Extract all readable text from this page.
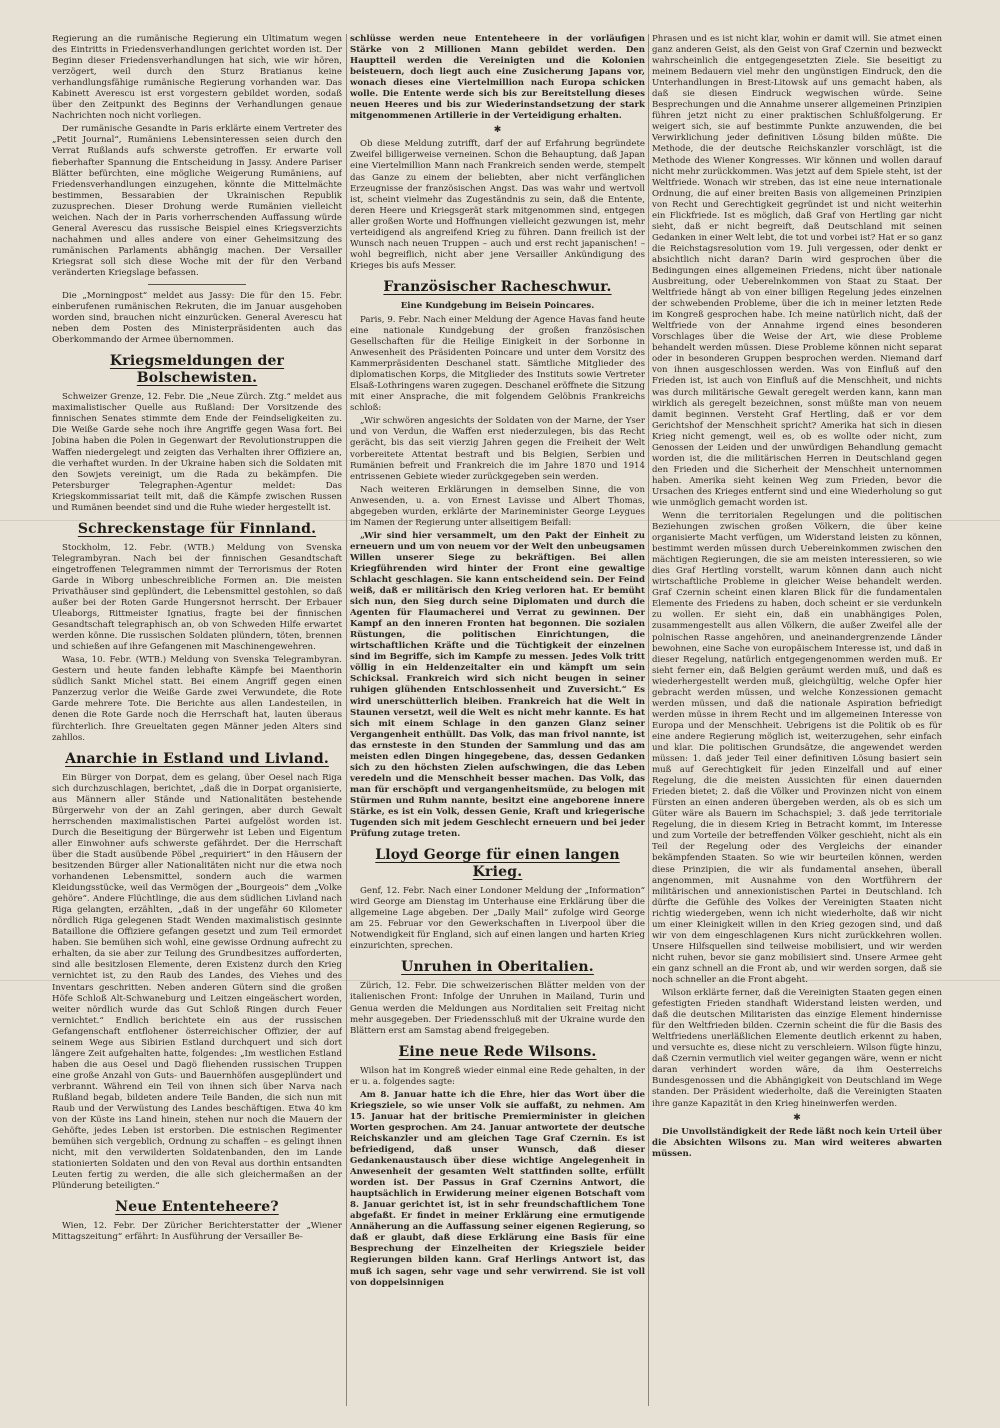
Regierung an die rumänische Regierung ein Ultimatum wegen des Eintritts in Friedensverhandlungen gerichtet worden ist. Der Beginn dieser Friedensverhandlungen hat sich, wie wir hören, verzögert, weil durch den Sturz Bratianus keine verhandlungsfähige rumänische Regierung vorhanden war. Das Kabinett Averescu ist erst vorgestern gebildet worden, sodaß über den Zeitpunkt des Beginns der Verhandlungen genaue Nachrichten noch nicht vorliegen.

Der rumänische Gesandte in Paris erklärte einem Vertreter des „Petit Journal“, Rumäniens Lebensinteressen seien durch den Verrat Rußlands aufs schwerste getroffen. Er erwarte voll fieberhafter Spannung die Entscheidung in Jassy. Andere Pariser Blätter befürchten, eine mögliche Weigerung Rumäniens, auf Friedensverhandlungen einzugehen, könnte die Mittelmächte bestimmen, Bessarabien der Ukrainischen Republik zuzusprechen. Dieser Drohung werde Rumänien vielleicht weichen. Nach der in Paris vorherrschenden Auffassung würde General Averescu das russische Beispiel eines Kriegsverzichts nachahmen und alles andere von einer Geheimsitzung des rumänischen Parlaments abhängig machen. Der Versailler Kriegsrat soll sich diese Woche mit der für den Verband veränderten Kriegslage befassen.

Die „Morningpost“ meldet aus Jassy: Die für den 15. Febr. einberufenen rumänischen Rekruten, die im Januar ausgehoben worden sind, brauchen nicht einzurücken. General Averescu hat neben dem Posten des Ministerpräsidenten auch das Oberkommando der Armee übernommen.

Kriegsmeldungen der Bolschewisten.

Schweizer Grenze, 12. Febr. Die „Neue Zürch. Ztg.“ meldet aus maximalistischer Quelle aus Rußland: Der Vorsitzende des finnischen Senates stimmte dem Ende der Feindseligkeiten zu. Die Weiße Garde sehe noch ihre Angriffe gegen Wasa fort. Bei Jobina haben die Polen in Gegenwart der Revolutionstruppen die Waffen niedergelegt und zeigten das Verhalten ihrer Offiziere an, die verhaftet wurden. In der Ukraine haben sich die Soldaten mit den Sowjets vereinigt, um die Rada zu bekämpfen. Die Petersburger Telegraphen-Agentur meldet: Das Kriegskommissariat teilt mit, daß die Kämpfe zwischen Russen und Rumänen beendet sind und die Ruhe wieder hergestellt ist.

Schreckenstage für Finnland.

Stockholm, 12. Febr. (WTB.) Meldung von Svenska Telegrambyran. Nach bei der finnischen Gesandtschaft eingetroffenen Telegrammen nimmt der Terrorismus der Roten Garde in Wiborg unbeschreibliche Formen an. Die meisten Privathäuser sind geplündert, die Lebensmittel gestohlen, so daß außer bei der Roten Garde Hungersnot herrscht. Der Erbauer Uleaborgs, Rittmeister Ignatius, fragte bei der finnischen Gesandtschaft telegraphisch an, ob von Schweden Hilfe erwartet werden könne. Die russischen Soldaten plündern, töten, brennen und schießen auf ihre Gefangenen mit Maschinengewehren.

Wasa, 10. Febr. (WTB.) Meldung von Svenska Telegrambyran. Gestern und heute fanden lebhafte Kämpfe bei Maenthorin südlich Sankt Michel statt. Bei einem Angriff gegen einen Panzerzug verlor die Weiße Garde zwei Verwundete, die Rote Garde mehrere Tote. Die Berichte aus allen Landesteilen, in denen die Rote Garde noch die Herrschaft hat, lauten überaus fürchterlich. Ihre Greueltaten gegen Männer jeden Alters sind zahllos.

Anarchie in Estland und Livland.

Ein Bürger von Dorpat, dem es gelang, über Oesel nach Riga sich durchzuschlagen, berichtet, „daß die in Dorpat organisierte, aus Männern aller Stände und Nationalitäten bestehende Bürgerwehr von der an Zahl geringen, aber durch Gewalt herrschenden maximalistischen Partei aufgelöst worden ist. Durch die Beseitigung der Bürgerwehr ist Leben und Eigentum aller Einwohner aufs schwerste gefährdet. Der die Herrschaft über die Stadt ausübende Pöbel „requiriert“ in den Häusern der besitzenden Bürger aller Nationalitäten nicht nur die etwa noch vorhandenen Lebensmittel, sondern auch die warmen Kleidungsstücke, weil das Vermögen der „Bourgeois“ dem „Volke gehöre“. Andere Flüchtlinge, die aus dem südlichen Livland nach Riga gelangten, erzählten, „daß in der ungefähr 60 Kilometer nördlich Riga gelegenen Stadt Wenden maximalistisch gesinnte Bataillone die Offiziere gefangen gesetzt und zum Teil ermordet haben. Sie bemühen sich wohl, eine gewisse Ordnung aufrecht zu erhalten, da sie aber zur Teilung des Grundbesitzes aufforderten, sind alle besitzlosen Elemente, deren Existenz durch den Krieg vernichtet ist, zu den Raub des Landes, des Viehes und des Inventars geschritten. Neben anderen Gütern sind die großen Höfe Schloß Alt-Schwaneburg und Leitzen eingeäschert worden, weiter nördlich wurde das Gut Schloß Ringen durch Feuer vernichtet.“ Endlich berichtete ein aus der russischen Gefangenschaft entflohener österreichischer Offizier, der auf seinem Wege aus Sibirien Estland durchquert und sich dort längere Zeit aufgehalten hatte, folgendes: „Im westlichen Estland haben die aus Oesel und Dagö fliehenden russischen Truppen eine große Anzahl von Guts- und Bauernhöfen ausgeplündert und verbrannt. Während ein Teil von ihnen sich über Narva nach Rußland begab, bildeten andere Teile Banden, die sich nun mit Raub und der Verwüstung des Landes beschäftigen. Etwa 40 km von der Küste ins Land hinein, stehen nur noch die Mauern der Gehöfte, jedes Leben ist erstorben. Die estnischen Regimenter bemühen sich vergeblich, Ordnung zu schaffen – es gelingt ihnen nicht, mit den verwilderten Soldatenbanden, den im Lande stationierten Soldaten und den von Reval aus dorthin entsandten Leuten fertig zu werden, die alle sich gleichermaßen an der Plünderung beteiligten.“

Neue Ententeheere?

Wien, 12. Febr. Der Züricher Berichterstatter der „Wiener Mittagszeitung“ erfährt: In Ausführung der Versailler Be-

schlüsse werden neue Ententeheere in der vorläufigen Stärke von 2 Millionen Mann gebildet werden. Den Hauptteil werden die Vereinigten und die Kolonien beisteuern, doch liegt auch eine Zusicherung Japans vor, wonach dieses eine Viertelmillion nach Europa schicken wolle. Die Entente werde sich bis zur Bereitstellung dieses neuen Heeres und bis zur Wiederinstandsetzung der stark mitgenommenen Artillerie in der Verteidigung erhalten.

✱

Ob diese Meldung zutrifft, darf der auf Erfahrung begründete Zweifel billigerweise verneinen. Schon die Behauptung, daß Japan eine Viertelmillion Mann nach Frankreich senden werde, stempelt das Ganze zu einem der beliebten, aber nicht verfänglichen Erzeugnisse der französischen Angst. Das was wahr und wertvoll ist, scheint vielmehr das Zugeständnis zu sein, daß die Entente, deren Heere und Kriegsgerät stark mitgenommen sind, entgegen aller großen Worte und Hoffnungen vielleicht gezwungen ist, mehr verteidigend als angreifend Krieg zu führen. Dann freilich ist der Wunsch nach neuen Truppen – auch und erst recht japanischen! – wohl begreiflich, nicht aber jene Versailler Ankündigung des Krieges bis aufs Messer.

Französischer Racheschwur.
Eine Kundgebung im Beisein Poincares.

Paris, 9. Febr. Nach einer Meldung der Agence Havas fand heute eine nationale Kundgebung der großen französischen Gesellschaften für die Heilige Einigkeit in der Sorbonne in Anwesenheit des Präsidenten Poincare und unter dem Vorsitz des Kammerpräsidenten Deschanel statt. Sämtliche Mitglieder des diplomatischen Korps, die Mitglieder des Instituts sowie Vertreter Elsaß-Lothringens waren zugegen. Deschanel eröffnete die Sitzung mit einer Ansprache, die mit folgendem Gelöbnis Frankreichs schloß:

„Wir schwören angesichts der Soldaten von der Marne, der Yser und von Verdun, die Waffen erst niederzulegen, bis das Recht gerächt, bis das seit vierzig Jahren gegen die Freiheit der Welt vorbereitete Attentat bestraft und bis Belgien, Serbien und Rumänien befreit und Frankreich die im Jahre 1870 und 1914 entrissenen Gebiete wieder zurückgegeben sein werden.

Nach weiteren Erklärungen in demselben Sinne, die von Anwesenden, u. a. von Ernest Lavisse und Albert Thomas, abgegeben wurden, erklärte der Marineminister George Leygues im Namen der Regierung unter allseitigem Beifall:

„Wir sind hier versammelt, um den Pakt der Einheit zu erneuern und um von neuem vor der Welt den unbeugsamen Willen unserer Siege zu bekräftigen. Bei allen Kriegführenden wird hinter der Front eine gewaltige Schlacht geschlagen. Sie kann entscheidend sein. Der Feind weiß, daß er militärisch den Krieg verloren hat. Er bemüht sich nun, den Sieg durch seine Diplomaten und durch die Agenten für Flaumacherei und Verrat zu gewinnen. Der Kampf an den inneren Fronten hat begonnen. Die sozialen Rüstungen, die politischen Einrichtungen, die wirtschaftlichen Kräfte und die Tüchtigkeit der einzelnen sind im Begriffe, sich im Kampfe zu messen. Jedes Volk tritt völlig in ein Heldenzeitalter ein und kämpft um sein Schicksal. Frankreich wird sich nicht beugen in seiner ruhigen glühenden Entschlossenheit und Zuversicht.“ Es wird unerschütterlich bleiben. Frankreich hat die Welt in Staunen versetzt, weil die Welt es nicht mehr kannte. Es hat sich mit einem Schlage in den ganzen Glanz seiner Vergangenheit enthüllt. Das Volk, das man frivol nannte, ist das ernsteste in den Stunden der Sammlung und das am meisten edlen Dingen hingegebene, das, dessen Gedanken sich zu den höchsten Zielen aufschwingen, die das Leben veredeln und die Menschheit besser machen. Das Volk, das man für erschöpft und vergangenheitsmüde, zu belogen mit Stürmen und Ruhm nannte, besitzt eine angeborene innere Stärke, es ist ein Volk, dessen Genie, Kraft und kriegerische Tugenden sich mit jedem Geschlecht erneuern und bei jeder Prüfung zutage treten.

Lloyd George für einen langen Krieg.

Genf, 12. Febr. Nach einer Londoner Meldung der „Information“ wird George am Dienstag im Unterhause eine Erklärung über die allgemeine Lage abgeben. Der „Daily Mail“ zufolge wird George am 25. Februar vor den Gewerkschaften in Liverpool über die Notwendigkeit für England, sich auf einen langen und harten Krieg einzurichten, sprechen.

Unruhen in Oberitalien.

Zürich, 12. Febr. Die schweizerischen Blätter melden von der italienischen Front: Infolge der Unruhen in Mailand, Turin und Genua werden die Meldungen aus Norditalien seit Freitag nicht mehr ausgegeben. Der Friedensschluß mit der Ukraine wurde den Blättern erst am Samstag abend freigegeben.

Eine neue Rede Wilsons.

Wilson hat im Kongreß wieder einmal eine Rede gehalten, in der er u. a. folgendes sagte:

Am 8. Januar hatte ich die Ehre, hier das Wort über die Kriegsziele, so wie unser Volk sie auffaßt, zu nehmen. Am 15. Januar hat der britische Premierminister in gleichen Worten gesprochen. Am 24. Januar antwortete der deutsche Reichskanzler und am gleichen Tage Graf Czernin. Es ist befriedigend, daß unser Wunsch, daß dieser Gedankenaustausch über diese wichtige Angelegenheit in Anwesenheit der gesamten Welt stattfinden sollte, erfüllt worden ist. Der Passus in Graf Czernins Antwort, die hauptsächlich in Erwiderung meiner eigenen Botschaft vom 8. Januar gerichtet ist, ist in sehr freundschaftlichem Tone abgefaßt. Er findet in meiner Erklärung eine ermutigende Annäherung an die Auffassung seiner eigenen Regierung, so daß er glaubt, daß diese Erklärung eine Basis für eine Besprechung der Einzelheiten der Kriegsziele beider Regierungen bilden kann. Graf Herlings Antwort ist, das muß ich sagen, sehr vage und sehr verwirrend. Sie ist voll von doppelsinnigen

Phrasen und es ist nicht klar, wohin er damit will. Sie atmet einen ganz anderen Geist, als den Geist von Graf Czernin und bezweckt wahrscheinlich die entgegengesetzten Ziele. Sie beseitigt zu meinem Bedauern viel mehr den ungünstigen Eindruck, den die Unterhandlungen in Brest-Litowsk auf uns gemacht haben, als daß sie diesen Eindruck wegwischen würde. Seine Besprechungen und die Annahme unserer allgemeinen Prinzipien führen jetzt nicht zu einer praktischen Schlußfolgerung. Er weigert sich, sie auf bestimmte Punkte anzuwenden, die bei Verwirklichung jeder definitiven Lösung bilden müßte. Die Methode, die der deutsche Reichskanzler vorschlägt, ist die Methode des Wiener Kongresses. Wir können und wollen darauf nicht mehr zurückkommen. Was jetzt auf dem Spiele steht, ist der Weltfriede. Wonach wir streben, das ist eine neue internationale Ordnung, die auf einer breiten Basis von allgemeinen Prinzipien von Recht und Gerechtigkeit gegründet ist und nicht weiterhin ein Flickfriede. Ist es möglich, daß Graf von Hertling gar nicht sieht, daß er nicht begreift, daß Deutschland mit seinen Gedanken in einer Welt lebt, die tot und vorbei ist? Hat er so ganz die Reichstagsresolution vom 19. Juli vergessen, oder denkt er absichtlich nicht daran? Darin wird gesprochen über die Bedingungen eines allgemeinen Friedens, nicht über nationale Ausbreitung, oder Ueberelnkommen von Staat zu Staat. Der Weltfriede hängt ab von einer billigen Regelung jedes einzelnen der schwebenden Probleme, über die ich in meiner letzten Rede im Kongreß gesprochen habe. Ich meine natürlich nicht, daß der Weltfriede von der Annahme irgend eines besonderen Vorschlages über die Weise der Art, wie diese Probleme behandelt werden müssen. Diese Probleme können nicht separat oder in besonderen Gruppen besprochen werden. Niemand darf von ihnen ausgeschlossen werden. Was von Einfluß auf den Frieden ist, ist auch von Einfluß auf die Menschheit, und nichts was durch militärische Gewalt geregelt werden kann, kann man wirklich als geregelt bezeichnen, sonst müßte man von neuem damit beginnen. Versteht Graf Hertling, daß er vor dem Gerichtshof der Menschheit spricht? Amerika hat sich in diesen Krieg nicht gemengt, weil es, ob es wollte oder nicht, zum Genossen der Leiden und der unwürdigen Behandlung gemacht worden ist, die die militärischen Herren in Deutschland gegen den Frieden und die Sicherheit der Menschheit unternommen haben. Amerika sieht keinen Weg zum Frieden, bevor die Ursachen des Krieges entfernt sind und eine Wiederholung so gut wie unmöglich gemacht worden ist.

Wenn die territorialen Regelungen und die politischen Beziehungen zwischen großen Völkern, die über keine organisierte Macht verfügen, um Widerstand leisten zu können, bestimmt werden müssen durch Uebereinkommen zwischen den mächtigen Regierungen, die sie am meisten interessieren, so wie dies Graf Hertling vorstellt, warum können dann auch nicht wirtschaftliche Probleme in gleicher Weise behandelt werden. Graf Czernin scheint einen klaren Blick für die fundamentalen Elemente des Friedens zu haben, doch scheint er sie verdunkeln zu wollen. Er sieht ein, daß ein unabhängiges Polen, zusammengestellt aus allen Völkern, die außer Zweifel alle der polnischen Rasse angehören, und aneinandergrenzende Länder bewohnen, eine Sache von europäischem Interesse ist, und daß in dieser Regelung, natürlich entgegengenommen werden muß. Er sieht ferner ein, daß Belgien geräumt werden muß, und daß es wiederhergestellt werden muß, gleichgültig, welche Opfer hier gebracht werden müssen, und welche Konzessionen gemacht werden müssen, und daß die nationale Aspiration befriedigt werden müsse in ihrem Recht und im allgemeinen Interesse von Europa und der Menschheit. Uebrigens ist die Politik ob es für eine andere Regierung möglich ist, weiterzugehen, sehr einfach und klar. Die politischen Grundsätze, die angewendet werden müssen: 1. daß jeder Teil einer definitiven Lösung basiert sein muß auf Gerechtigkeit für jeden Einzelfall und auf einer Regelung, die die meisten Aussichten für einen dauernden Frieden bietet; 2. daß die Völker und Provinzen nicht von einem Fürsten an einen anderen übergeben werden, als ob es sich um Güter wäre als Bauern im Schachspiel; 3. daß jede territoriale Regelung, die in diesem Krieg in Betracht kommt, im Interesse und zum Vorteile der betreffenden Völker geschieht, nicht als ein Teil der Regelung oder des Vergleichs der einander bekämpfenden Staaten. So wie wir beurteilen können, werden diese Prinzipien, die wir als fundamental ansehen, überall angenommen, mit Ausnahme von den Wortführern der militärischen und annexionistischen Partei in Deutschland. Ich dürfte die Gefühle des Volkes der Vereinigten Staaten nicht richtig wiedergeben, wenn ich nicht wiederholte, daß wir nicht um einer Kleinigkeit willen in den Krieg gezogen sind, und daß wir von dem eingeschlagenen Kurs nicht zurückkehren wollen. Unsere Hilfsquellen sind teilweise mobilisiert, und wir werden nicht ruhen, bevor sie ganz mobilisiert sind. Unsere Armee geht ein ganz schnell an die Front ab, und wir werden sorgen, daß sie noch schneller an die Front abgeht.

Wilson erklärte ferner, daß die Vereinigten Staaten gegen einen gefestigten Frieden standhaft Widerstand leisten werden, und daß die deutschen Militaristen das einzige Element hindernisse für den Weltfrieden bilden. Czernin scheint die für die Basis des Weltfriedens unerläßlichen Elemente deutlich erkennt zu haben, und versuchte es, diese nicht zu verschleiern. Wilson fügte hinzu, daß Czernin vermutlich viel weiter gegangen wäre, wenn er nicht daran verhindert worden wäre, da ihm Oesterreichs Bundesgenossen und die Abhängigkeit von Deutschland im Wege standen. Der Präsident wiederholte, daß die Vereinigten Staaten ihre ganze Kapazität in den Krieg hineinwerfen werden.

✱

Die Unvollständigkeit der Rede läßt noch kein Urteil über die Absichten Wilsons zu. Man wird weiteres abwarten müssen.
